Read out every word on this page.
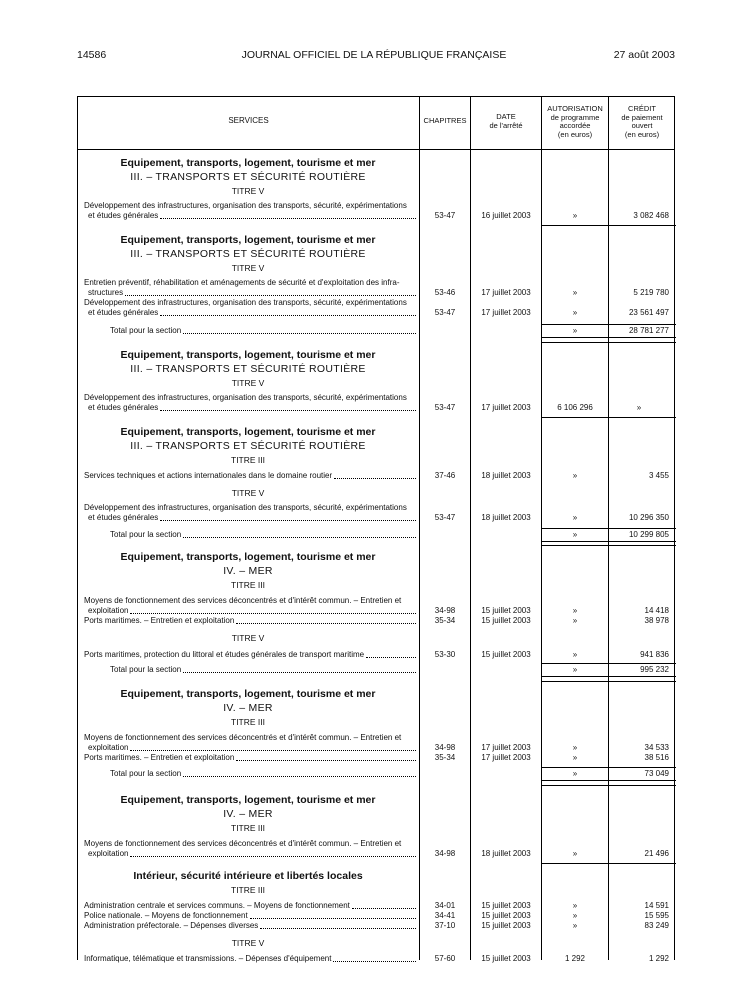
14586	JOURNAL OFFICIEL DE LA RÉPUBLIQUE FRANÇAISE	27 août 2003
SERVICES	CHAPITRES	DATE
de l'arrêté
AUTORISATION
de programme
accordée
(en euros)
CRÉDIT
de paiement
ouvert
(en euros)
Equipement, transports, logement, tourisme et mer
III. – TRANSPORTS ET SÉCURITÉ ROUTIÈRE
TITRE V
Développement des infrastructures, organisation des transports, sécurité, expérimentations
et études générales	53-47	16 juillet 2003	»	3 082 468
Equipement, transports, logement, tourisme et mer
III. – TRANSPORTS ET SÉCURITÉ ROUTIÈRE
TITRE V
Entretien préventif, réhabilitation et aménagements de sécurité et d'exploitation des infra-
structures	53-46	17 juillet 2003	»	5 219 780
Développement des infrastructures, organisation des transports, sécurité, expérimentations
et études générales	53-47	17 juillet 2003	»	23 561 497
Total pour la section	»	28 781 277
Equipement, transports, logement, tourisme et mer
III. – TRANSPORTS ET SÉCURITÉ ROUTIÈRE
TITRE V
Développement des infrastructures, organisation des transports, sécurité, expérimentations
et études générales	53-47	17 juillet 2003	6 106 296	»
Equipement, transports, logement, tourisme et mer
III. – TRANSPORTS ET SÉCURITÉ ROUTIÈRE
TITRE III
Services techniques et actions internationales dans le domaine routier	37-46	18 juillet 2003	»	3 455
TITRE V
Développement des infrastructures, organisation des transports, sécurité, expérimentations
et études générales	53-47	18 juillet 2003	»	10 296 350
Total pour la section	»	10 299 805
Equipement, transports, logement, tourisme et mer
IV. – MER
TITRE III
Moyens de fonctionnement des services déconcentrés et d'intérêt commun. – Entretien et
exploitation	34-98	15 juillet 2003	»	14 418
Ports maritimes. – Entretien et exploitation	35-34	15 juillet 2003	»	38 978
TITRE V
Ports maritimes, protection du littoral et études générales de transport maritime	53-30	15 juillet 2003	»	941 836
Total pour la section	»	995 232
Equipement, transports, logement, tourisme et mer
IV. – MER
TITRE III
Moyens de fonctionnement des services déconcentrés et d'intérêt commun. – Entretien et
exploitation	34-98	17 juillet 2003	»	34 533
Ports maritimes. – Entretien et exploitation	35-34	17 juillet 2003	»	38 516
Total pour la section	»	73 049
Equipement, transports, logement, tourisme et mer
IV. – MER
TITRE III
Moyens de fonctionnement des services déconcentrés et d'intérêt commun. – Entretien et
exploitation	34-98	18 juillet 2003	»	21 496
Intérieur, sécurité intérieure et libertés locales
TITRE III
Administration centrale et services communs. – Moyens de fonctionnement	34-01	15 juillet 2003	»	14 591
Police nationale. – Moyens de fonctionnement	34-41	15 juillet 2003	»	15 595
Administration préfectorale. – Dépenses diverses	37-10	15 juillet 2003	»	83 249
TITRE V
Informatique, télématique et transmissions. – Dépenses d'équipement	57-60	15 juillet 2003	1 292	1 292
